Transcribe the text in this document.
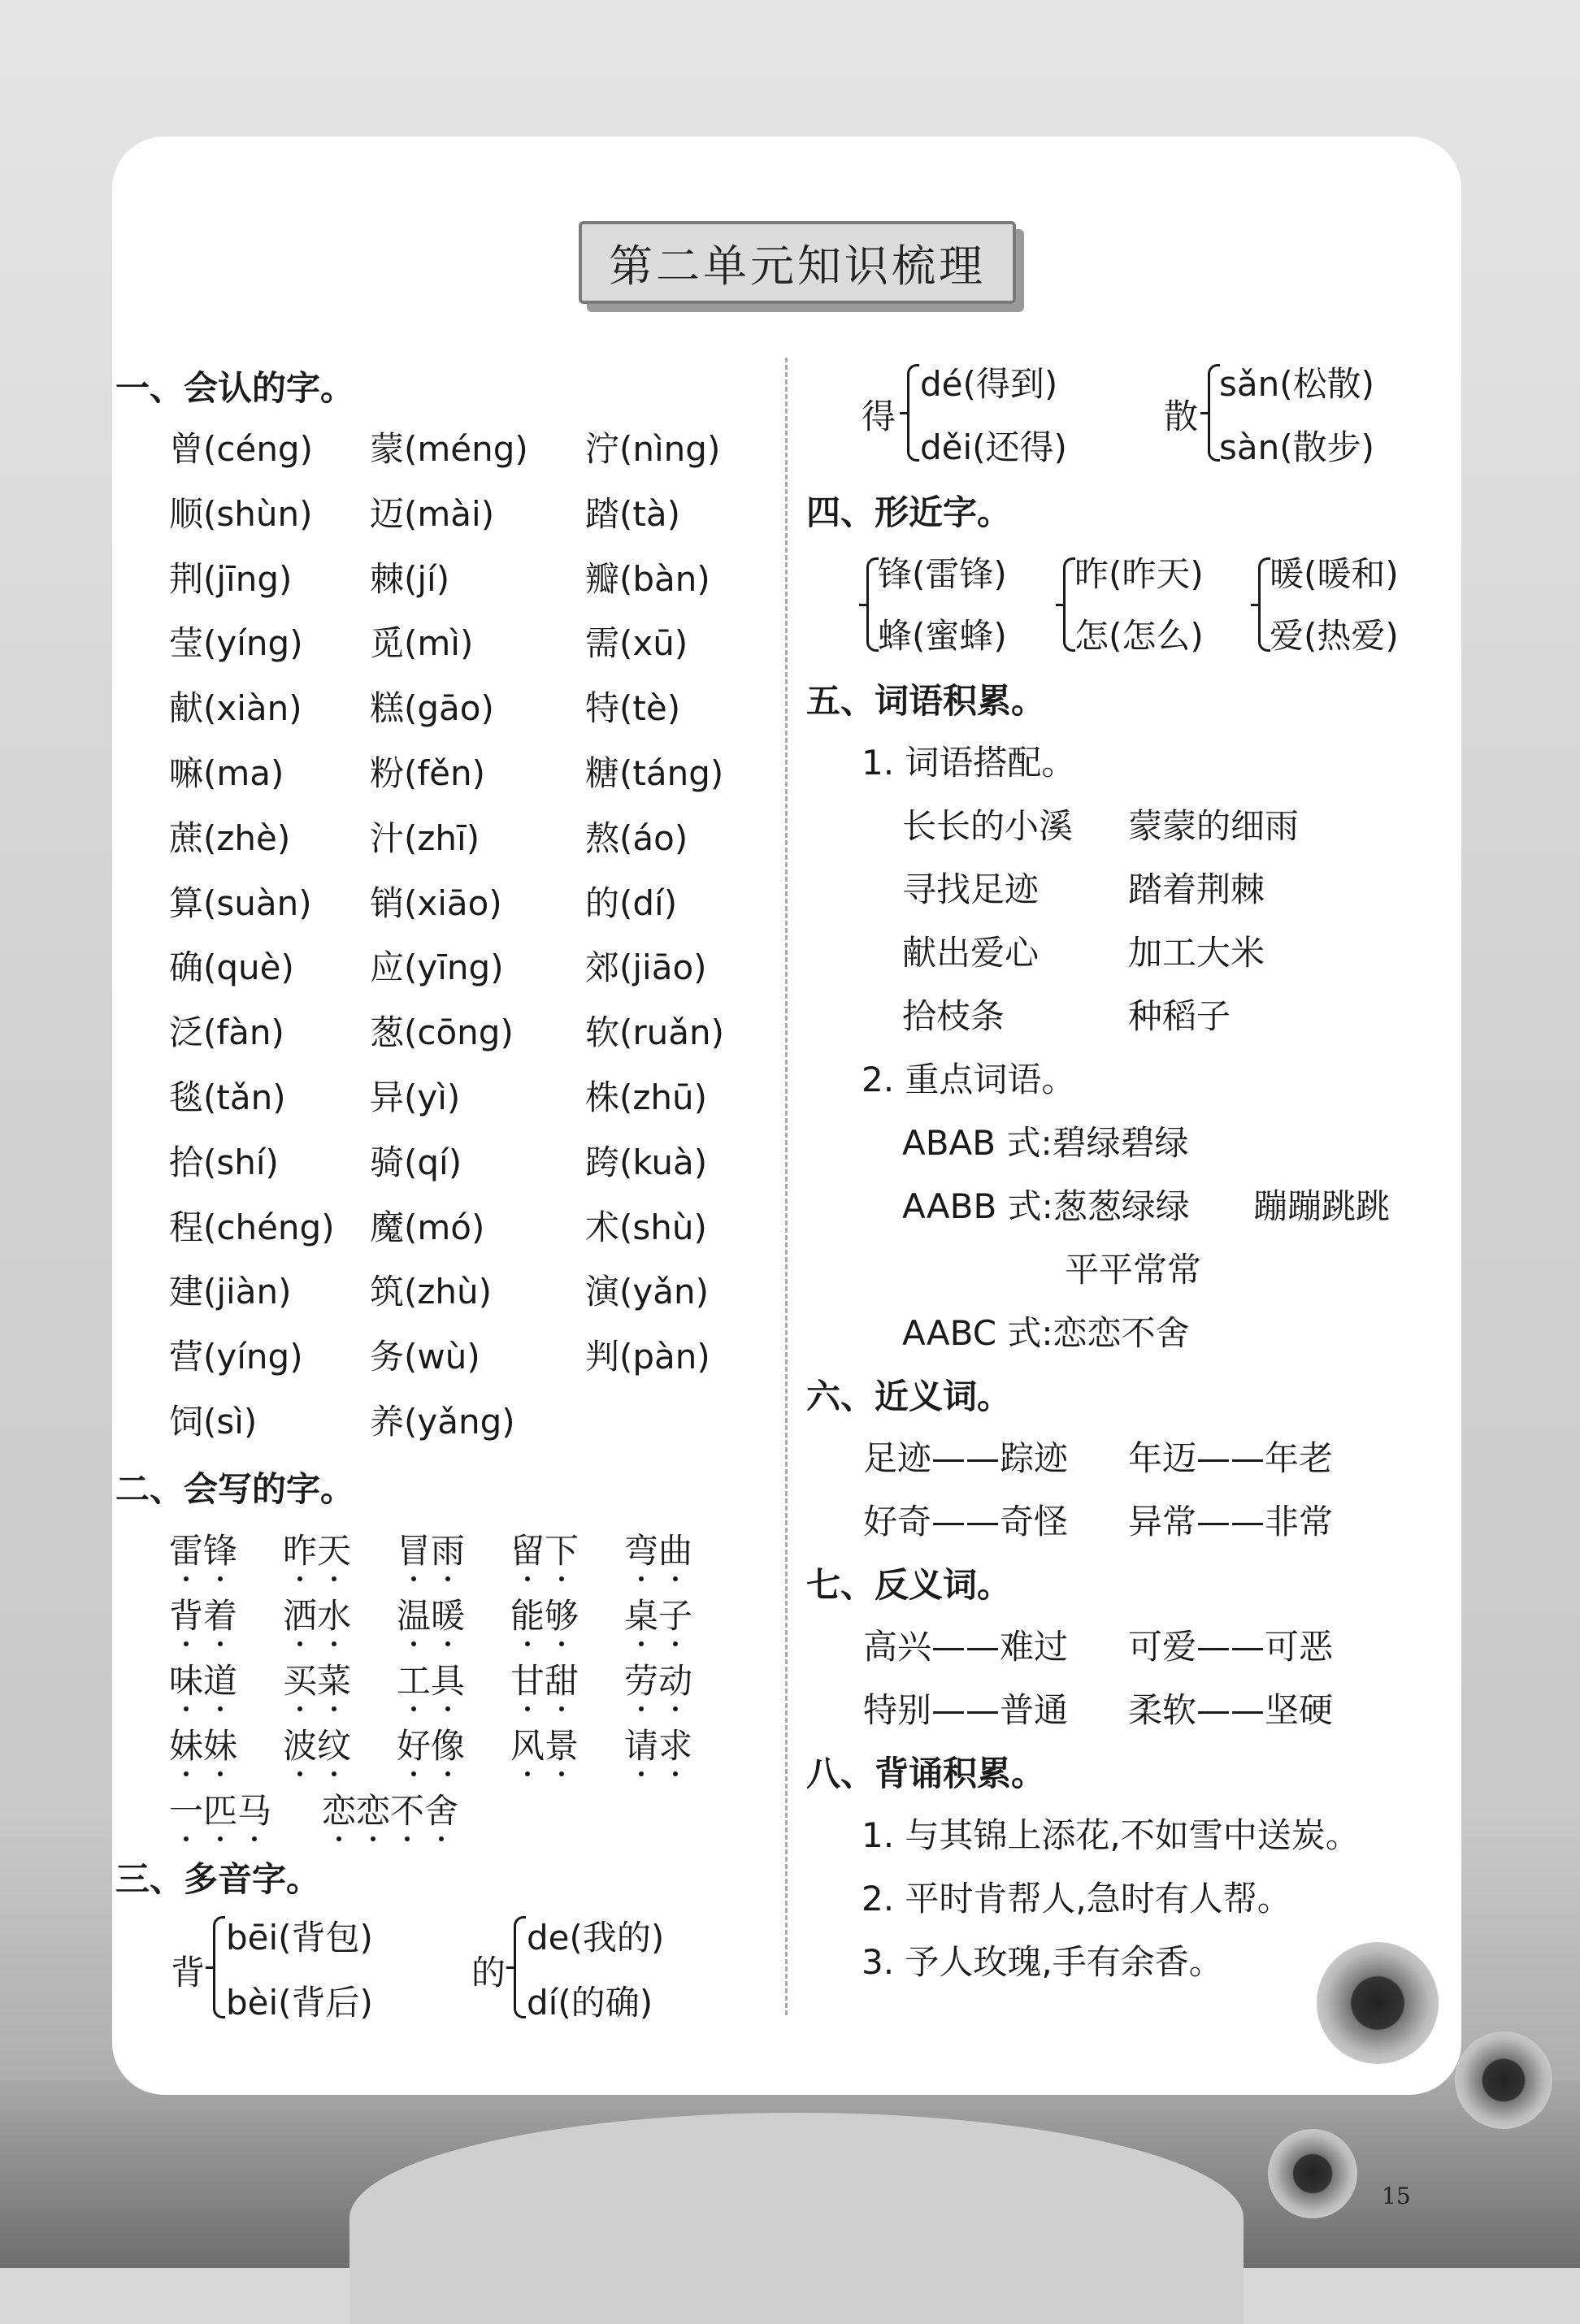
第二单元知识梳理
一、会认的字。
曾(céng) 蒙(méng) 泞(nìng)
顺(shùn) 迈(mài)	踏(tà)
荆(jīng) 棘(jí)	瓣(bàn)
莹(yíng) 觅(mì)	需(xū)
献(xiàn) 糕(gāo)	特(tè)
嘛(ma)	粉(fěn)	糖(táng)
蔗(zhè) 汁(zhī)	熬(áo)
算(suàn) 销(xiāo) 的(dí)
确(què) 应(yīng) 郊(jiāo)
泛(fàn)	葱(cōng) 软(ruǎn)
毯(tǎn) 异(yì)	株(zhū)
拾(shí)	骑(qí)	跨(kuà)
程(chéng) 魔(mó)	术(shù)
建(jiàn) 筑(zhù)	演(yǎn)
营(yíng) 务(wù)	判(pàn)
饲(sì)	养(yǎng)
二、会写的字。
雷锋 昨天 冒雨 留下 弯曲
背着 洒水 温暖 能够 桌子
味道 买菜 工具 甘甜 劳动
妹妹 波纹 好像 风景 请求
一匹马 恋恋不舍
三、多音字。
背
bēi(背包)
bèi(背后)
的
de(我的)
dí(的确)
得
dé(得到)
děi(还得)
散
sǎn(松散)
sàn(散步)
四、形近字。
锋(雷锋)
蜂(蜜蜂)
昨(昨天)
怎(怎么)
暖(暖和)
爱(热爱)
五、词语积累。
1. 词语搭配。
长长的小溪 蒙蒙的细雨
寻找足迹	踏着荆棘
献出爱心	加工大米
拾枝条	种稻子
2. 重点词语。
ABAB 式:碧绿碧绿
AABB 式:葱葱绿绿 蹦蹦跳跳
平平常常
AABC 式:恋恋不舍
六、近义词。
足迹——踪迹 年迈——年老
好奇——奇怪 异常——非常
七、反义词。
高兴——难过 可爱——可恶
特别——普通 柔软——坚硬
八、背诵积累。
1. 与其锦上添花,不如雪中送炭。
2. 平时肯帮人,急时有人帮。
3. 予人玫瑰,手有余香。
15
